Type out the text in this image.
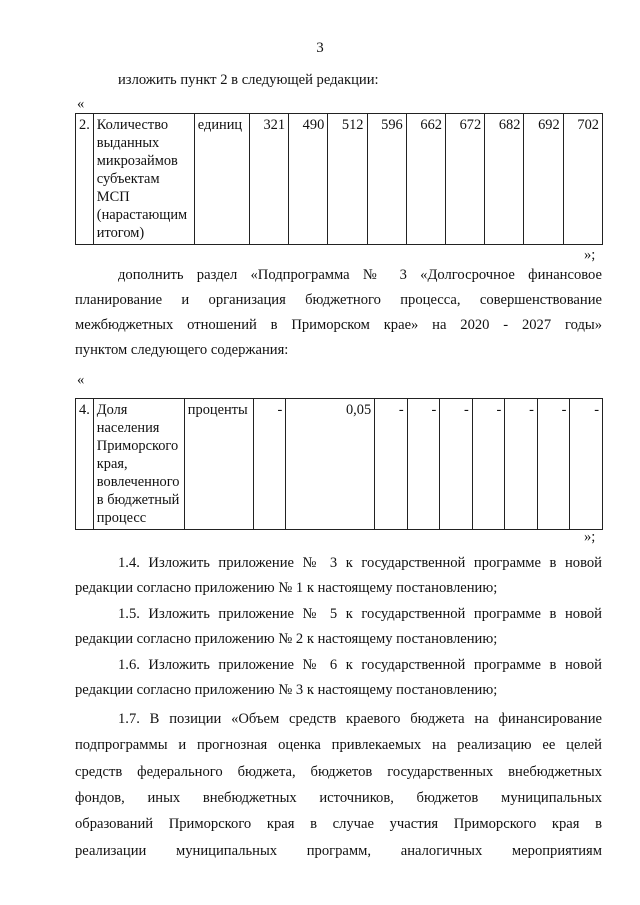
3
изложить пункт 2 в следующей редакции:
«
2.	Количество
выданных
микрозаймов
субъектам
МСП
(нарастающим
итогом)
	единиц	321	490	512	596	662	672	682	692	702
»;
дополнить раздел «Подпрограмма № 3 «Долгосрочное финансовое
планирование и организация бюджетного процесса, совершенствование
межбюджетных отношений в Приморском крае» на 2020 - 2027 годы»
пунктом следующего содержания:
«
4.	Доля
населения
Приморского
края,
вовлеченного
в бюджетный
процесс
	проценты	-	0,05	-	-	-	-	-	-	-
»;
1.4. Изложить приложение № 3 к государственной программе в новой
редакции согласно приложению № 1 к настоящему постановлению;
1.5. Изложить приложение № 5 к государственной программе в новой
редакции согласно приложению № 2 к настоящему постановлению;
1.6. Изложить приложение № 6 к государственной программе в новой
редакции согласно приложению № 3 к настоящему постановлению;
1.7. В позиции «Объем средств краевого бюджета на финансирование
подпрограммы и прогнозная оценка привлекаемых на реализацию ее целей
средств федерального бюджета, бюджетов государственных внебюджетных
фондов, иных внебюджетных источников, бюджетов муниципальных
образований Приморского края в случае участия Приморского края в
реализации муниципальных программ, аналогичных мероприятиям
